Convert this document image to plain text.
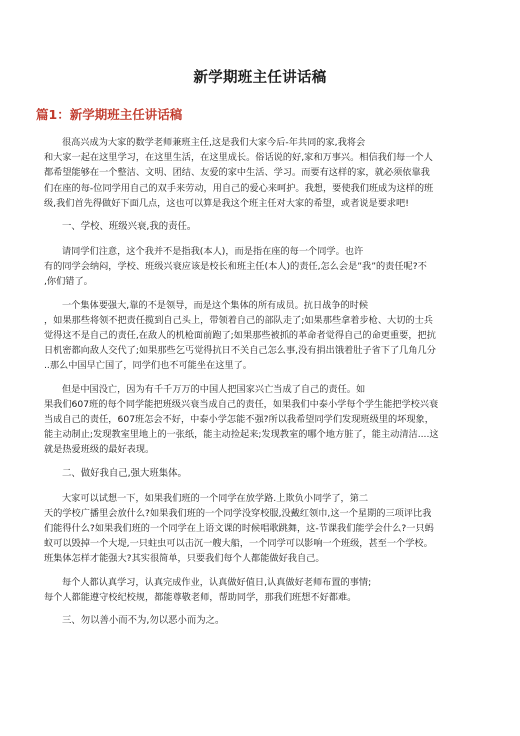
新学期班主任讲话稿
篇1：新学期班主任讲话稿

很高兴成为大家的数学老师兼班主任,这是我们大家今后-年共同的家,我将会
和大家一起在这里学习，在这里生活，在这里成长。俗话说的好,家和万事兴。相信我们每一个人
都希望能够在一个整洁、文明、团结、友爱的家中生活、学习。而要有这样的家，就必须依靠我
们在座的每-位同学用自己的双手来劳动，用自己的爱心来呵护。我想，要使我们班成为这样的班
级,我们首先得做好下面几点，这也可以算是我这个班主任对大家的希望，或者说是要求吧!

一、学校、班级兴衰,我的责任。

请同学们注意，这个我并不是指我(本人)，而是指在座的每一个同学。也许
有的同学会纳闷，学校、班级兴衰应该是校长和班主任(本人)的责任,怎么会是”我”的责任呢?不
,你们错了。

一个集体要强大,靠的不是领导，而是这个集体的所有成员。抗日战争的时候
，如果那些将领不把责任揽到自己头上，带领着自己的部队走了;如果那些拿着步枪、大切的士兵
觉得这不是自己的责任,在敌人的机枪面前跑了;如果那些被抓的革命者觉得自己的命更重要，把抗
日机密都向敌人交代了;如果那些乞丐觉得抗日不关自己怎么事,没有捐出饿着肚子省下了几角几分
..那么中国早亡国了，同学们也不可能坐在这里了。

但是中国没亡，因为有千千万万的中国人把国家兴亡当成了自己的责任。如
果我们607班的每个同学能把班级兴衰当成自己的责任，如果我们中泰小学每个学生能把学校兴衰
当成自己的责任，607班怎会不好，中泰小学怎能不强?所以我希望同学们发现班级里的坏现象，
能主动制止;发现教室里地上的一张纸，能主动捡起来;发现教室的哪个地方脏了，能主动清洁....这
就是热爱班级的最好表现。

二、做好我自己,强大班集体。

大家可以试想一下，如果我们班的一个同学在放学路.上欺负小同学了，第二
天的学校广播里会放什么?如果我们班的一个同学没穿校服,没戴红领巾,这一个星期的三项评比我
们能得什么?如果我们班的一个同学在上语文课的时候唱歌跳舞，这-节课我们能学会什么?一只蚂
蚁可以毁掉一个大堤,一只蛀虫可以击沉一艘大船，一个同学可以影响一个班级，甚至一个学校。
班集体怎样才能强大?其实很简单，只要我们每个人都能做好我自己。

每个人都认真学习，认真完成作业，认真做好值日,认真做好老师布置的事情;
每个人都能遵守校纪校规，都能尊敬老师，帮助同学，那我们班想不好都难。

三、勿以善小而不为,勿以恶小而为之。
